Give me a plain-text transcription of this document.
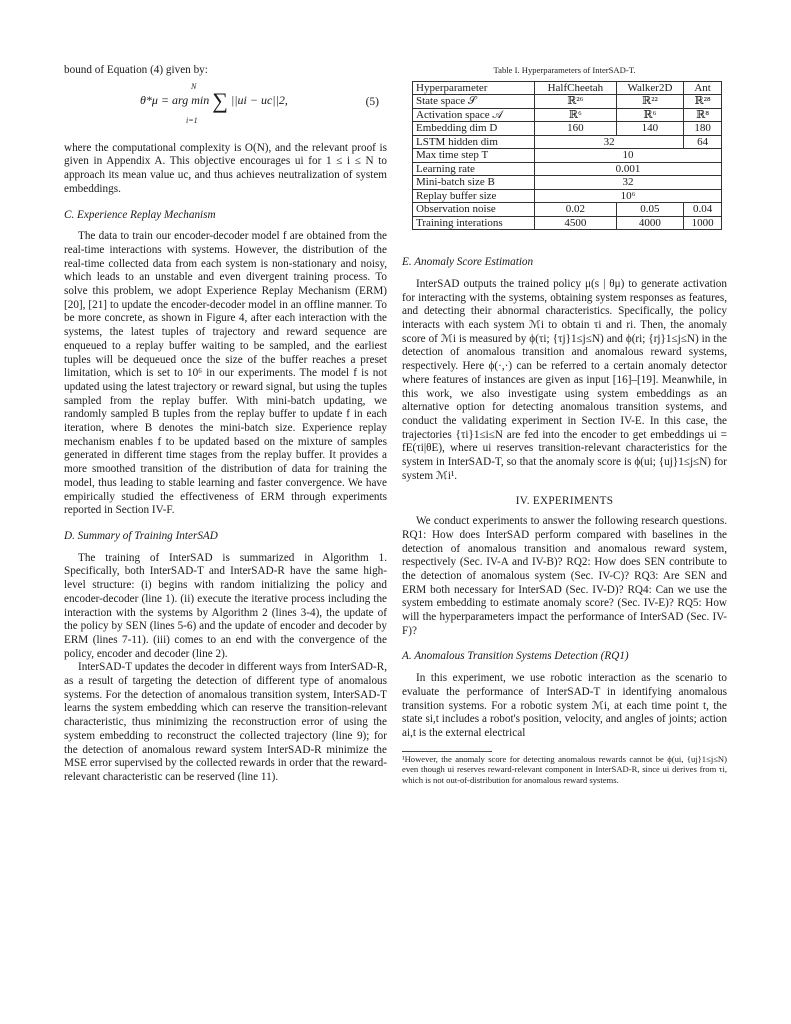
bound of Equation (4) given by:

θ*μ = arg min ∑ ||ui − uc||2,
N
i=1
(5)

where the computational complexity is O(N), and the relevant proof is given in Appendix A. This objective encourages ui for 1 ≤ i ≤ N to approach its mean value uc, and thus achieves neutralization of system embeddings.

C. Experience Replay Mechanism

The data to train our encoder-decoder model f are obtained from the real-time interactions with systems. However, the distribution of the real-time collected data from each system is non-stationary and noisy, which leads to an unstable and even divergent training process. To solve this problem, we adopt Experience Replay Mechanism (ERM) [20], [21] to update the encoder-decoder model in an offline manner. To be more concrete, as shown in Figure 4, after each interaction with the systems, the latest tuples of trajectory and reward sequence are enqueued to a replay buffer waiting to be sampled, and the earliest tuples will be dequeued once the size of the buffer reaches a preset limitation, which is set to 10⁶ in our experiments. The model f is not updated using the latest trajectory or reward signal, but using the tuples sampled from the replay buffer. With mini-batch updating, we randomly sampled B tuples from the replay buffer to update f in each iteration, where B denotes the mini-batch size. Experience replay mechanism enables f to be updated based on the mixture of samples generated in different time stages from the replay buffer. It provides a more smoothed transition of the distribution of data for training the model, thus leading to stable learning and faster convergence. We have empirically studied the effectiveness of ERM through experiments reported in Section IV-F.

D. Summary of Training InterSAD

The training of InterSAD is summarized in Algorithm 1. Specifically, both InterSAD-T and InterSAD-R have the same high-level structure: (i) begins with random initializing the policy and encoder-decoder (line 1). (ii) execute the iterative process including the interaction with the systems by Algorithm 2 (lines 3-4), the update of the policy by SEN (lines 5-6) and the update of encoder and decoder by ERM (lines 7-11). (iii) comes to an end with the convergence of the policy, encoder and decoder (line 2).

InterSAD-T updates the decoder in different ways from InterSAD-R, as a result of targeting the detection of different type of anomalous systems. For the detection of anomalous transition system, InterSAD-T learns the system embedding which can reserve the transition-relevant characteristic, thus minimizing the reconstruction error of using the system embedding to reconstruct the collected trajectory (line 9); for the detection of anomalous reward system InterSAD-R minimize the MSE error supervised by the collected rewards in order that the reward-relevant characteristic can be reserved (line 11).

Table I. Hyperparameters of InterSAD-T.

Hyperparameter	HalfCheetah	Walker2D	Ant
State space 𝒮	ℝ²⁶	ℝ²²	ℝ²⁸
Activation space 𝒜	ℝ⁶	ℝ⁶	ℝ⁸
Embedding dim D	160	140	180
LSTM hidden dim	32		64
Max time step T	10		
Learning rate	0.001		
Mini-batch size B	32		
Replay buffer size	10⁶		
Observation noise	0.02	0.05	0.04
Training interations	4500	4000	1000

E. Anomaly Score Estimation

InterSAD outputs the trained policy μ(s | θμ) to generate activation for interacting with the systems, obtaining system responses as features, and detecting their abnormal characteristics. Specifically, the policy interacts with each system ℳi to obtain τi and ri. Then, the anomaly score of ℳi is measured by ϕ(τi; {τj}1≤j≤N) and ϕ(ri; {rj}1≤j≤N) in the detection of anomalous transition and anomalous reward systems, respectively. Here ϕ(·,·) can be referred to a certain anomaly detector where features of instances are given as input [16]–[19]. Meanwhile, in this work, we also investigate using system embeddings as an alternative option for detecting anomalous transition systems, and conduct the validating experiment in Section IV-E. In this case, the trajectories {τi}1≤i≤N are fed into the encoder to get embeddings ui = fE(τi|θE), where ui reserves transition-relevant characteristics for the system in InterSAD-T, so that the anomaly score is ϕ(ui; {uj}1≤j≤N) for system ℳi¹.

IV. EXPERIMENTS

We conduct experiments to answer the following research questions. RQ1: How does InterSAD perform compared with baselines in the detection of anomalous transition and anomalous reward system, respectively (Sec. IV-A and IV-B)? RQ2: How does SEN contribute to the detection of anomalous system (Sec. IV-C)? RQ3: Are SEN and ERM both necessary for InterSAD (Sec. IV-D)? RQ4: Can we use the system embedding to estimate anomaly score? (Sec. IV-E)? RQ5: How will the hyperparameters impact the performance of InterSAD (Sec. IV-F)?

A. Anomalous Transition Systems Detection (RQ1)

In this experiment, we use robotic interaction as the scenario to evaluate the performance of InterSAD-T in identifying anomalous transition systems. For a robotic system ℳi, at each time point t, the state si,t includes a robot's position, velocity, and angles of joints; action ai,t is the external electrical

¹However, the anomaly score for detecting anomalous rewards cannot be ϕ(ui, {uj}1≤j≤N) even though ui reserves reward-relevant component in InterSAD-R, since ui derives from τi, which is not out-of-distribution for anomalous reward systems.
